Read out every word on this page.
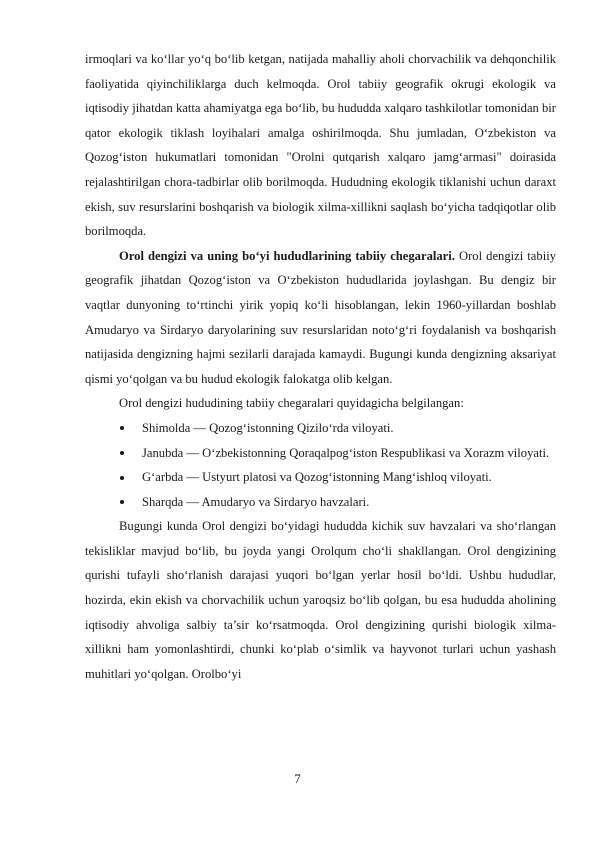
irmoqlari va ko‘llar yo‘q bo‘lib ketgan, natijada mahalliy aholi chorvachilik va dehqonchilik faoliyatida qiyinchiliklarga duch kelmoqda. Orol tabiiy geografik okrugi ekologik va iqtisodiy jihatdan katta ahamiyatga ega bo‘lib, bu hududda xalqaro tashkilotlar tomonidan bir qator ekologik tiklash loyihalari amalga oshirilmoqda. Shu jumladan, O‘zbekiston va Qozog‘iston hukumatlari tomonidan "Orolni qutqarish xalqaro jamg‘armasi" doirasida rejalashtirilgan chora-tadbirlar olib borilmoqda. Hududning ekologik tiklanishi uchun daraxt ekish, suv resurslarini boshqarish va biologik xilma-xillikni saqlash bo‘yicha tadqiqotlar olib borilmoqda.

Orol dengizi va uning bo‘yi hududlarining tabiiy chegaralari. Orol dengizi tabiiy geografik jihatdan Qozog‘iston va O‘zbekiston hududlarida joylashgan. Bu dengiz bir vaqtlar dunyoning to‘rtinchi yirik yopiq ko‘li hisoblangan, lekin 1960-yillardan boshlab Amudaryo va Sirdaryo daryolarining suv resurslaridan noto‘g‘ri foydalanish va boshqarish natijasida dengizning hajmi sezilarli darajada kamaydi. Bugungi kunda dengizning aksariyat qismi yo‘qolgan va bu hudud ekologik falokatga olib kelgan.

Orol dengizi hududining tabiiy chegaralari quyidagicha belgilangan:

Shimolda — Qozog‘istonning Qizilo‘rda viloyati.
Janubda — O‘zbekistonning Qoraqalpog‘iston Respublikasi va Xorazm viloyati.
G‘arbda — Ustyurt platosi va Qozog‘istonning Mang‘ishloq viloyati.
Sharqda — Amudaryo va Sirdaryo havzalari.

Bugungi kunda Orol dengizi bo‘yidagi hududda kichik suv havzalari va sho‘rlangan tekisliklar mavjud bo‘lib, bu joyda yangi Orolqum cho‘li shakllangan. Orol dengizining qurishi tufayli sho‘rlanish darajasi yuqori bo‘lgan yerlar hosil bo‘ldi. Ushbu hududlar, hozirda, ekin ekish va chorvachilik uchun yaroqsiz bo‘lib qolgan, bu esa hududda aholining iqtisodiy ahvoliga salbiy ta’sir ko‘rsatmoqda. Orol dengizining qurishi biologik xilma-xillikni ham yomonlashtirdi, chunki ko‘plab o‘simlik va hayvonot turlari uchun yashash muhitlari yo‘qolgan. Orolbo‘yi

7
